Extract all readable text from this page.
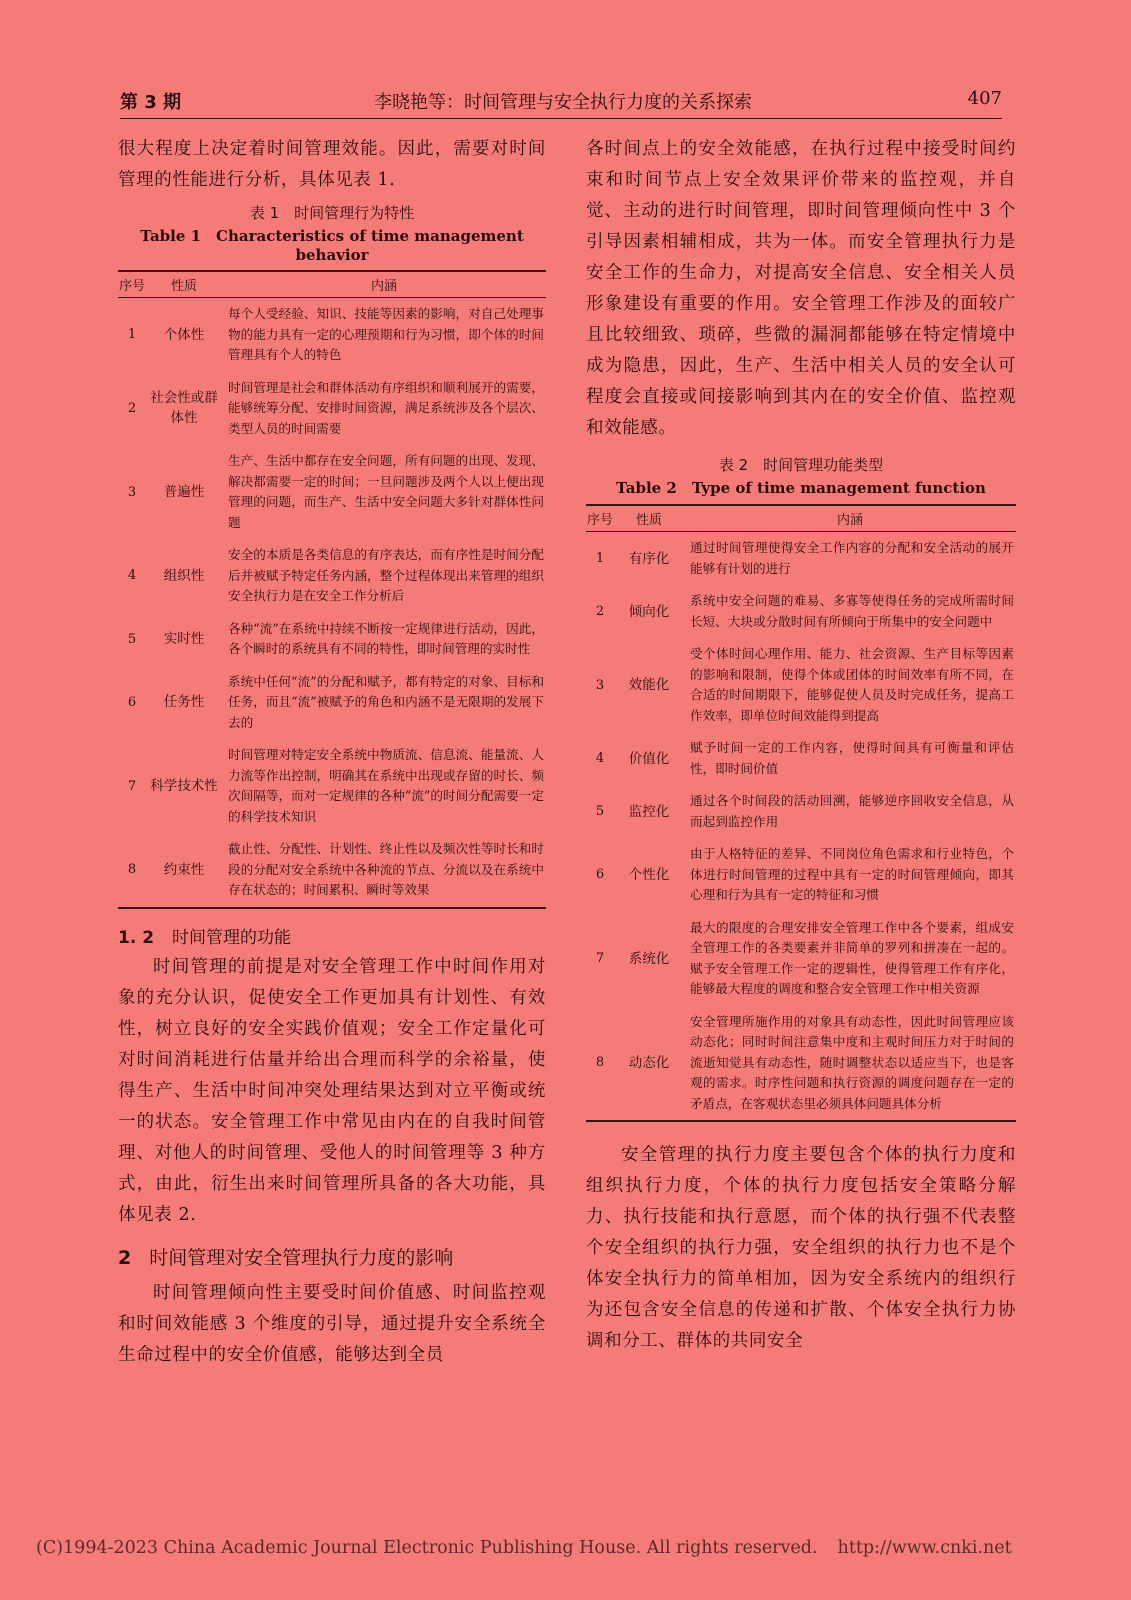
第 3 期	李晓艳等：时间管理与安全执行力度的关系探索	407

很大程度上决定着时间管理效能。因此，需要对时间管理的性能进行分析，具体见表 1.

表 1　时间管理行为特性
Table 1　Characteristics of time management behavior
序号	性质	内涵
1	个体性	每个人受经验、知识、技能等因素的影响，对自己处理事物的能力具有一定的心理预期和行为习惯，即个体的时间管理具有个人的特色
2	社会性或群体性	时间管理是社会和群体活动有序组织和顺利展开的需要，能够统筹分配、安排时间资源，满足系统涉及各个层次、类型人员的时间需要
3	普遍性	生产、生活中都存在安全问题，所有问题的出现、发现、解决都需要一定的时间；一旦问题涉及两个人以上便出现管理的问题，而生产、生活中安全问题大多针对群体性问题
4	组织性	安全的本质是各类信息的有序表达，而有序性是时间分配后并被赋予特定任务内涵，整个过程体现出来管理的组织安全执行力是在安全工作分析后
5	实时性	各种“流”在系统中持续不断按一定规律进行活动，因此，各个瞬时的系统具有不同的特性，即时间管理的实时性
6	任务性	系统中任何“流”的分配和赋予，都有特定的对象、目标和任务，而且“流”被赋予的角色和内涵不是无限期的发展下去的
7	科学技术性	时间管理对特定安全系统中物质流、信息流、能量流、人力流等作出控制，明确其在系统中出现或存留的时长、频次间隔等，而对一定规律的各种“流”的时间分配需要一定的科学技术知识
8	约束性	截止性、分配性、计划性、终止性以及频次性等时长和时段的分配对安全系统中各种流的节点、分流以及在系统中存在状态的；时间累积、瞬时等效果
1. 2 时间管理的功能

时间管理的前提是对安全管理工作中时间作用对象的充分认识，促使安全工作更加具有计划性、有效性，树立良好的安全实践价值观；安全工作定量化可对时间消耗进行估量并给出合理而科学的余裕量，使得生产、生活中时间冲突处理结果达到对立平衡或统一的状态。安全管理工作中常见由内在的自我时间管理、对他人的时间管理、受他人的时间管理等 3 种方式，由此，衍生出来时间管理所具备的各大功能，具体见表 2.

2 时间管理对安全管理执行力度的影响

时间管理倾向性主要受时间价值感、时间监控观和时间效能感 3 个维度的引导，通过提升安全系统全生命过程中的安全价值感，能够达到全员

各时间点上的安全效能感，在执行过程中接受时间约束和时间节点上安全效果评价带来的监控观，并自觉、主动的进行时间管理，即时间管理倾向性中 3 个引导因素相辅相成，共为一体。而安全管理执行力是安全工作的生命力，对提高安全信息、安全相关人员形象建设有重要的作用。安全管理工作涉及的面较广且比较细致、琐碎，些微的漏洞都能够在特定情境中成为隐患，因此，生产、生活中相关人员的安全认可程度会直接或间接影响到其内在的安全价值、监控观和效能感。

表 2　时间管理功能类型
Table 2　Type of time management function
序号	性质	内涵
1	有序化	通过时间管理使得安全工作内容的分配和安全活动的展开能够有计划的进行
2	倾向化	系统中安全问题的难易、多寡等使得任务的完成所需时间长短、大块或分散时间有所倾向于所集中的安全问题中
3	效能化	受个体时间心理作用、能力、社会资源、生产目标等因素的影响和限制，使得个体或团体的时间效率有所不同，在合适的时间期限下，能够促使人员及时完成任务，提高工作效率，即单位时间效能得到提高
4	价值化	赋予时间一定的工作内容，使得时间具有可衡量和评估性，即时间价值
5	监控化	通过各个时间段的活动回溯，能够逆序回收安全信息，从而起到监控作用
6	个性化	由于人格特征的差异、不同岗位角色需求和行业特色，个体进行时间管理的过程中具有一定的时间管理倾向，即其心理和行为具有一定的特征和习惯
7	系统化	最大的限度的合理安排安全管理工作中各个要素，组成安全管理工作的各类要素并非简单的罗列和拼凑在一起的。赋予安全管理工作一定的逻辑性，使得管理工作有序化，能够最大程度的调度和整合安全管理工作中相关资源
8	动态化	安全管理所施作用的对象具有动态性，因此时间管理应该动态化；同时时间注意集中度和主观时间压力对于时间的流逝知觉具有动态性，随时调整状态以适应当下，也是客观的需求。时序性问题和执行资源的调度问题存在一定的矛盾点，在客观状态里必须具体问题具体分析

安全管理的执行力度主要包含个体的执行力度和组织执行力度，个体的执行力度包括安全策略分解力、执行技能和执行意愿，而个体的执行强不代表整个安全组织的执行力强，安全组织的执行力也不是个体安全执行力的简单相加，因为安全系统内的组织行为还包含安全信息的传递和扩散、个体安全执行力协调和分工、群体的共同安全

(C)1994-2023 China Academic Journal Electronic Publishing House. All rights reserved. http://www.cnki.net
